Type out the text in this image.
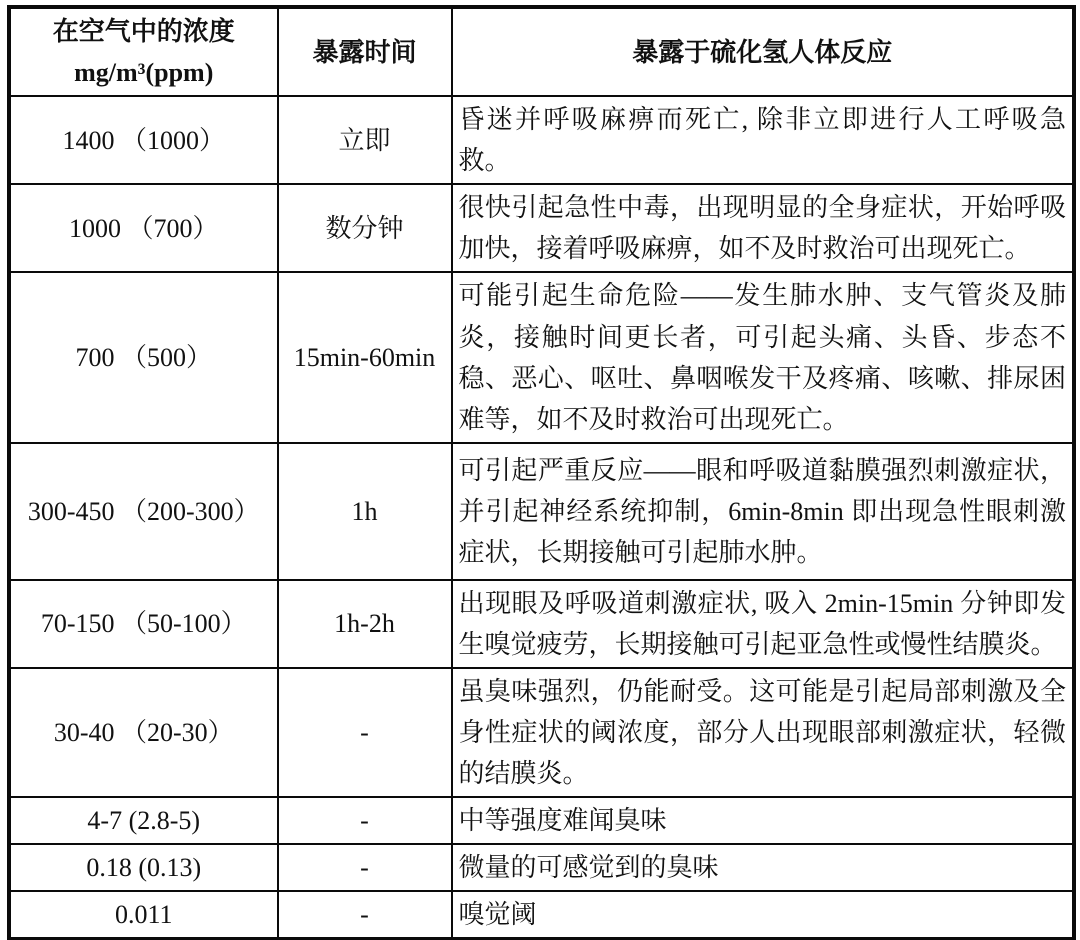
在空气中的浓度
mg/m³(ppm)	暴露时间	暴露于硫化氢人体反应
1400 （1000）	立即	昏迷并呼吸麻痹而死亡, 除非立即进行人工呼吸急救。
1000 （700）	数分钟	很快引起急性中毒，出现明显的全身症状，开始呼吸加快，接着呼吸麻痹，如不及时救治可出现死亡。
700 （500）	15min-60min	可能引起生命危险——发生肺水肿、支气管炎及肺炎，接触时间更长者，可引起头痛、头昏、步态不稳、恶心、呕吐、鼻咽喉发干及疼痛、咳嗽、排尿困难等，如不及时救治可出现死亡。
300-450 （200-300）	1h	可引起严重反应——眼和呼吸道黏膜强烈刺激症状，并引起神经系统抑制，6min-8min 即出现急性眼刺激症状，长期接触可引起肺水肿。
70-150 （50-100）	1h-2h	出现眼及呼吸道刺激症状, 吸入 2min-15min 分钟即发生嗅觉疲劳，长期接触可引起亚急性或慢性结膜炎。
30-40 （20-30）	-	虽臭味强烈，仍能耐受。这可能是引起局部刺激及全身性症状的阈浓度，部分人出现眼部刺激症状，轻微的结膜炎。
4-7 (2.8-5)	-	中等强度难闻臭味
0.18 (0.13)	-	微量的可感觉到的臭味
0.011	-	嗅觉阈
